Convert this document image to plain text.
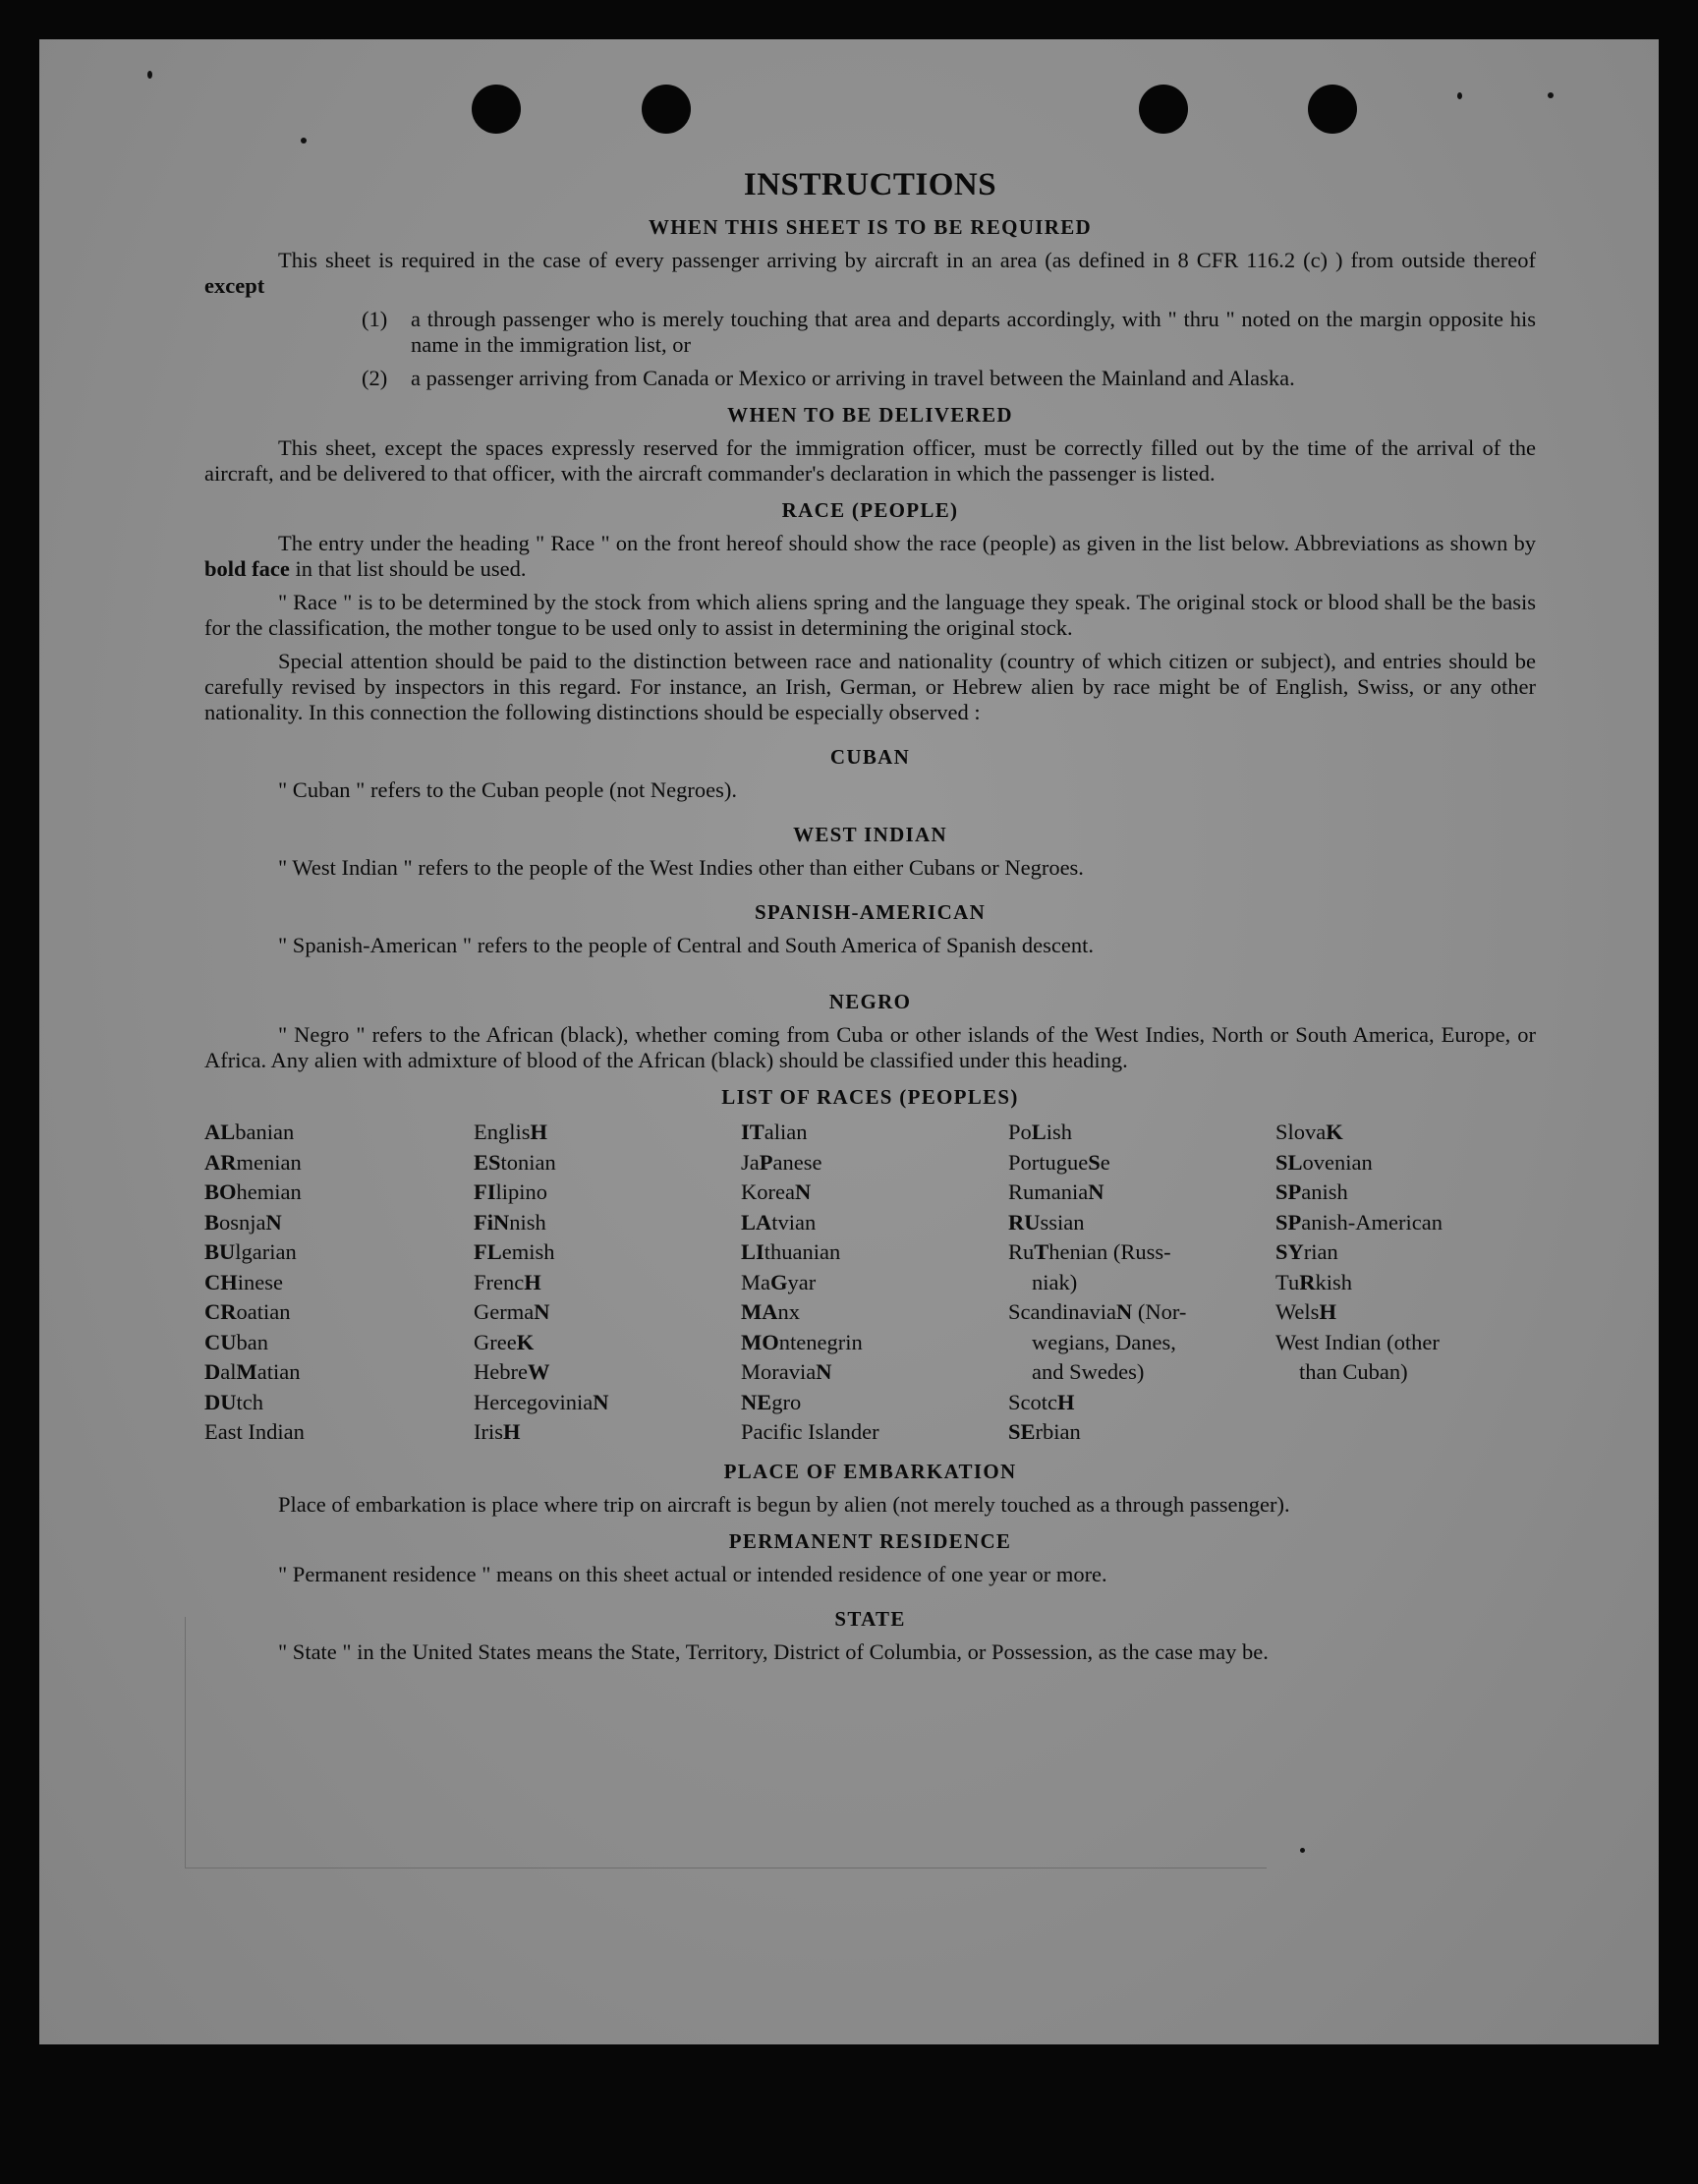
INSTRUCTIONS
WHEN THIS SHEET IS TO BE REQUIRED

This sheet is required in the case of every passenger arriving by aircraft in an area (as defined in 8 CFR 116.2 (c) ) from outside thereof except

(1)	a through passenger who is merely touching that area and departs accordingly, with " thru " noted on the margin opposite his name in the immigration list, or
(2)	a passenger arriving from Canada or Mexico or arriving in travel between the Mainland and Alaska.
WHEN TO BE DELIVERED

This sheet, except the spaces expressly reserved for the immigration officer, must be correctly filled out by the time of the arrival of the aircraft, and be delivered to that officer, with the aircraft commander's declaration in which the passenger is listed.

RACE (PEOPLE)

The entry under the heading " Race " on the front hereof should show the race (people) as given in the list below. Abbreviations as shown by bold face in that list should be used.

" Race " is to be determined by the stock from which aliens spring and the language they speak. The original stock or blood shall be the basis for the classification, the mother tongue to be used only to assist in determining the original stock.

Special attention should be paid to the distinction between race and nationality (country of which citizen or subject), and entries should be carefully revised by inspectors in this regard. For instance, an Irish, German, or Hebrew alien by race might be of English, Swiss, or any other nationality. In this connection the following distinctions should be especially observed :

CUBAN

" Cuban " refers to the Cuban people (not Negroes).

WEST INDIAN

" West Indian " refers to the people of the West Indies other than either Cubans or Negroes.

SPANISH-AMERICAN

" Spanish-American " refers to the people of Central and South America of Spanish descent.

NEGRO

" Negro " refers to the African (black), whether coming from Cuba or other islands of the West Indies, North or South America, Europe, or Africa. Any alien with admixture of blood of the African (black) should be classified under this heading.

LIST OF RACES (PEOPLES)
ALbanian
ARmenian
BOhemian
BosnjaN
BUlgarian
CHinese
CRoatian
CUban
DalMatian
DUtch
East Indian
EnglisH
EStonian
FIlipino
FiNnish
FLemish
FrencH
GermaN
GreeK
HebreW
HercegoviniaN
IrisH
ITalian
JaPanese
KoreaN
LAtvian
LIthuanian
MaGyar
MAnx
MOntenegrin
MoraviaN
NEgro
Pacific Islander
PoLish
PortugueSe
RumaniaN
RUssian
RuThenian (Russ-
niak)
ScandinaviaN (Nor-
wegians, Danes,
and Swedes)
ScotcH
SErbian
SlovaK
SLovenian
SPanish
SPanish-American
SYrian
TuRkish
WelsH
West Indian (other
than Cuban)
PLACE OF EMBARKATION

Place of embarkation is place where trip on aircraft is begun by alien (not merely touched as a through passenger).

PERMANENT RESIDENCE

" Permanent residence " means on this sheet actual or intended residence of one year or more.

STATE

" State " in the United States means the State, Territory, District of Columbia, or Possession, as the case may be.
